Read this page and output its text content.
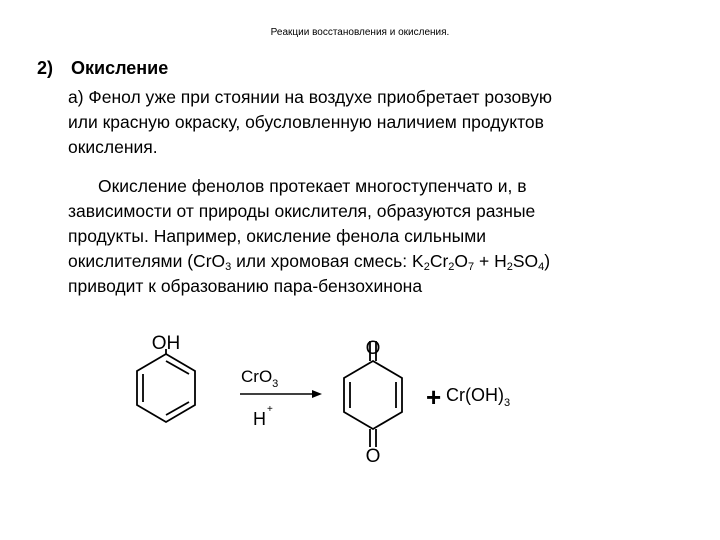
Реакции восстановления и окисления.
2) Окисление
а) Фенол уже при стоянии на воздухе приобретает розовую
или красную окраску, обусловленную наличием продуктов
окисления.
Окисление фенолов протекает многоступенчато и, в
зависимости от природы окислителя, образуются разные
продукты. Например, окисление фенола сильными
окислителями (CrO$_3$ или хромовая смесь: $K_2Cr_2O_7 + H_2SO_4$)
приводит к образованию пара-бензохинона
OH
CrO$_3$
H+
O
O
+ $Cr(OH)_3$
